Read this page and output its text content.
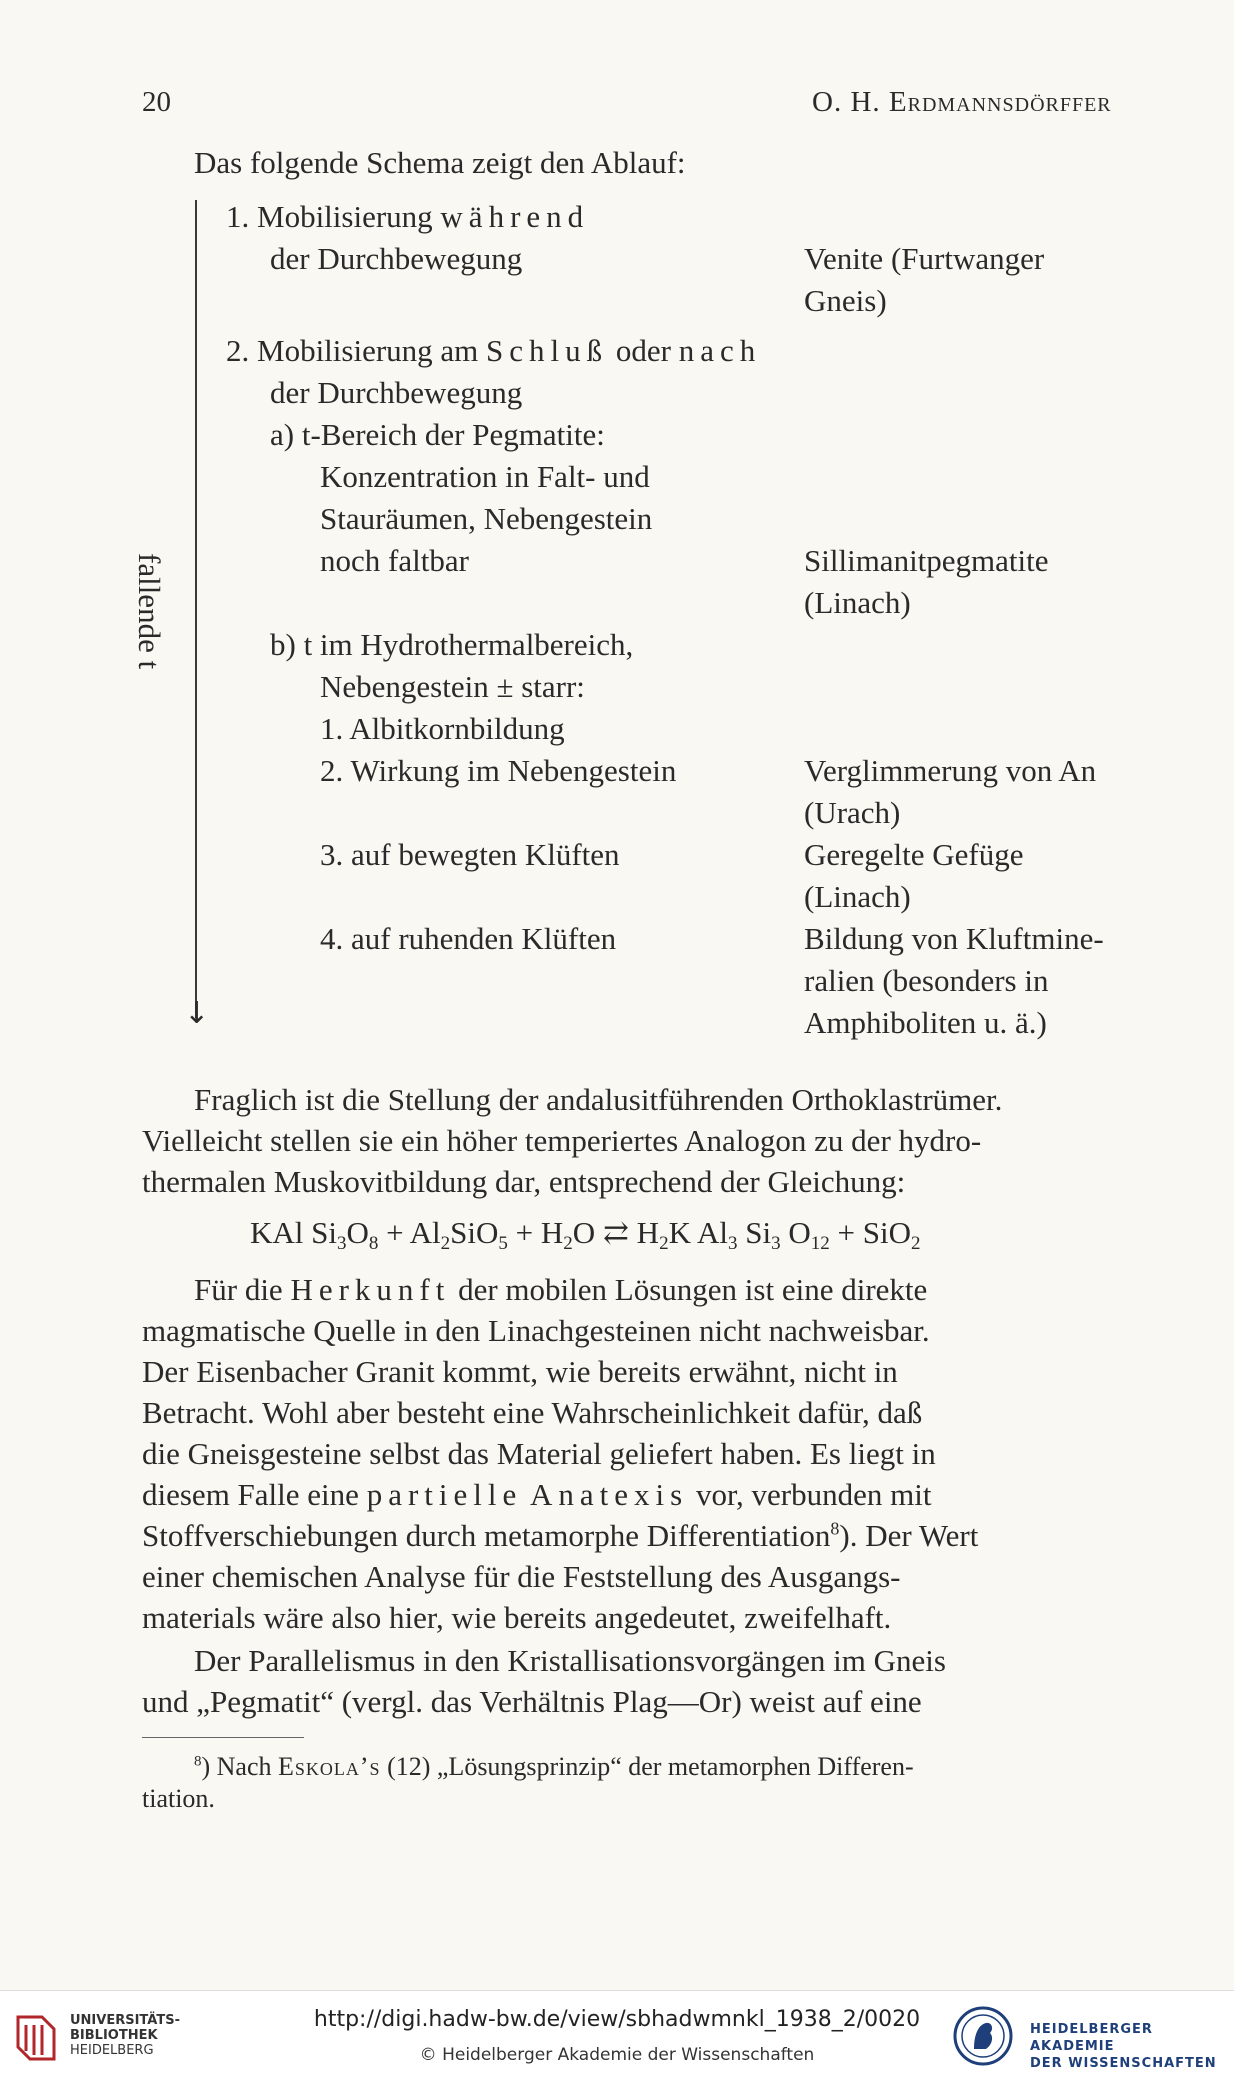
20	O. H. Erdmannsdörffer
Das folgende Schema zeigt den Ablauf:
↓
fallende t
1. Mobilisierung während
der Durchbewegung	Venite (Furtwanger
Gneis)
2. Mobilisierung am Schluß oder nach
der Durchbewegung
a) t-Bereich der Pegmatite:
Konzentration in Falt- und
Stauräumen, Nebengestein
noch faltbar	Sillimanitpegmatite
(Linach)
b) t im Hydrothermalbereich,
Nebengestein ± starr:
1. Albitkornbildung
2. Wirkung im Nebengestein	Verglimmerung von An
(Urach)
3. auf bewegten Klüften	Geregelte Gefüge
(Linach)
4. auf ruhenden Klüften	Bildung von Kluftmine-
ralien (besonders in
Amphiboliten u. ä.)
Fraglich ist die Stellung der andalusitführenden Orthoklastrümer.
Vielleicht stellen sie ein höher temperiertes Analogon zu der hydro-
thermalen Muskovitbildung dar, entsprechend der Gleichung:
KAl $Si_3O_8 + Al_2SiO_5 + H_2O$ ⇄ $H_2K$ $Al_3$ $Si_3$ $O_{12} + SiO_2$
Für die Herkunft der mobilen Lösungen ist eine direkte
magmatische Quelle in den Linachgesteinen nicht nachweisbar.
Der Eisenbacher Granit kommt, wie bereits erwähnt, nicht in
Betracht. Wohl aber besteht eine Wahrscheinlichkeit dafür, daß
die Gneisgesteine selbst das Material geliefert haben. Es liegt in
diesem Falle eine partielle Anatexis vor, verbunden mit
Stoffverschiebungen durch metamorphe Differentiation$^8$). Der Wert
einer chemischen Analyse für die Feststellung des Ausgangs-
materials wäre also hier, wie bereits angedeutet, zweifelhaft.
Der Parallelismus in den Kristallisationsvorgängen im Gneis
und „Pegmatit“ (vergl. das Verhältnis Plag—Or) weist auf eine
$^8$) Nach Eskola’s (12) „Lösungsprinzip“ der metamorphen Differen-
tiation.
UNIVERSITÄTS-
BIBLIOTHEK
HEIDELBERG
http://digi.hadw-bw.de/view/sbhadwmnkl_1938_2/0020
© Heidelberger Akademie der Wissenschaften
HEIDELBERGER AKADEMIE
DER WISSENSCHAFTEN
